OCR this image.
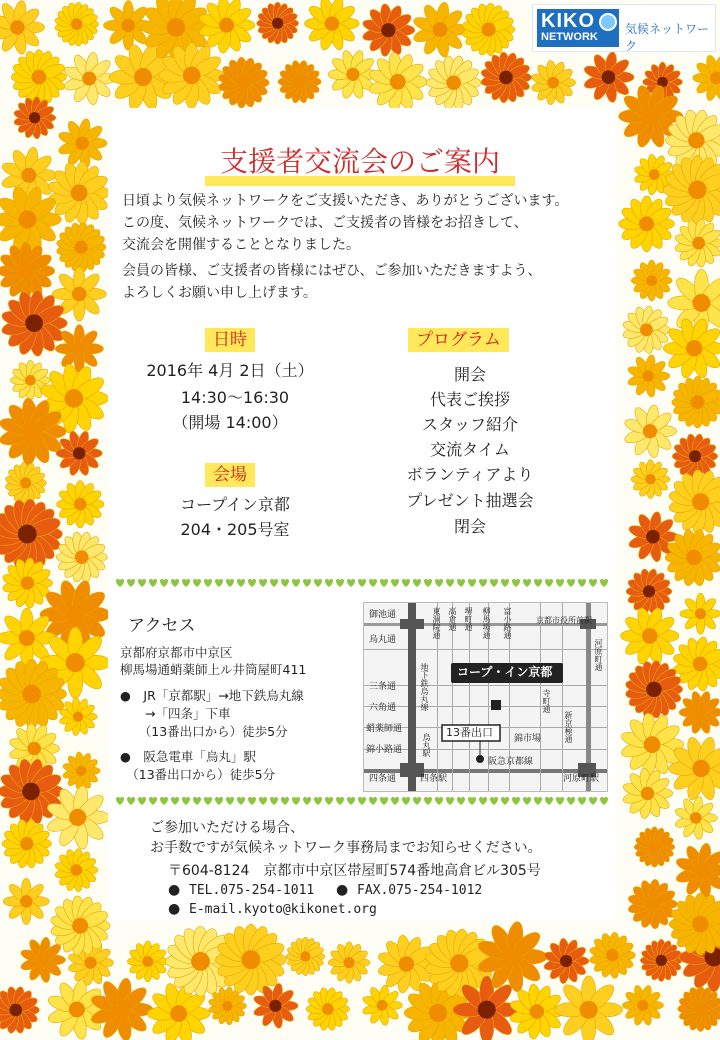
KIKO
NETWORK
気候ネットワーク
支援者交流会のご案内
日頃より気候ネットワークをご支援いただき、ありがとうございます。
この度、気候ネットワークでは、ご支援者の皆様をお招きして、
交流会を開催することとなりました。
会員の皆様、ご支援者の皆様にはぜひ、ご参加いただきますよう、
よろしくお願い申し上げます。
日時
2016年 4月 2日（土）
14:30〜16:30
（開場 14:00）
会場
コープイン京都
204・205号室
プログラム
開会
代表ご挨拶
スタッフ紹介
交流タイム
ボランティアより
プレゼント抽選会
閉会
アクセス
京都府京都市中京区
柳馬場通蛸薬師上ル井筒屋町411
●　JR「京都駅」→地下鉄烏丸線
　　→「四条」下車
　　（13番出口から）徒歩5分
●　阪急電車「烏丸」駅
　（13番出口から）徒歩5分
御池通
烏丸通
三条通
六角通
蛸薬師通
錦小路通
四条通
東洞院通 高倉通 堺町通 柳馬場通 富小路通
地下鉄烏丸線
京都市役所前駅
河原町通
新京極通
寺町通
錦市場
烏丸駅
阪急京都線
四条駅	河原町駅
コープ・イン京都
13番出口
ご参加いただける場合、
お手数ですが気候ネットワーク事務局までお知らせください。
〒604-8124　京都市中京区帯屋町574番地高倉ビル305号
● TEL.075-254-1011 ● FAX.075-254-1012
● E-mail.kyoto@kikonet.org
